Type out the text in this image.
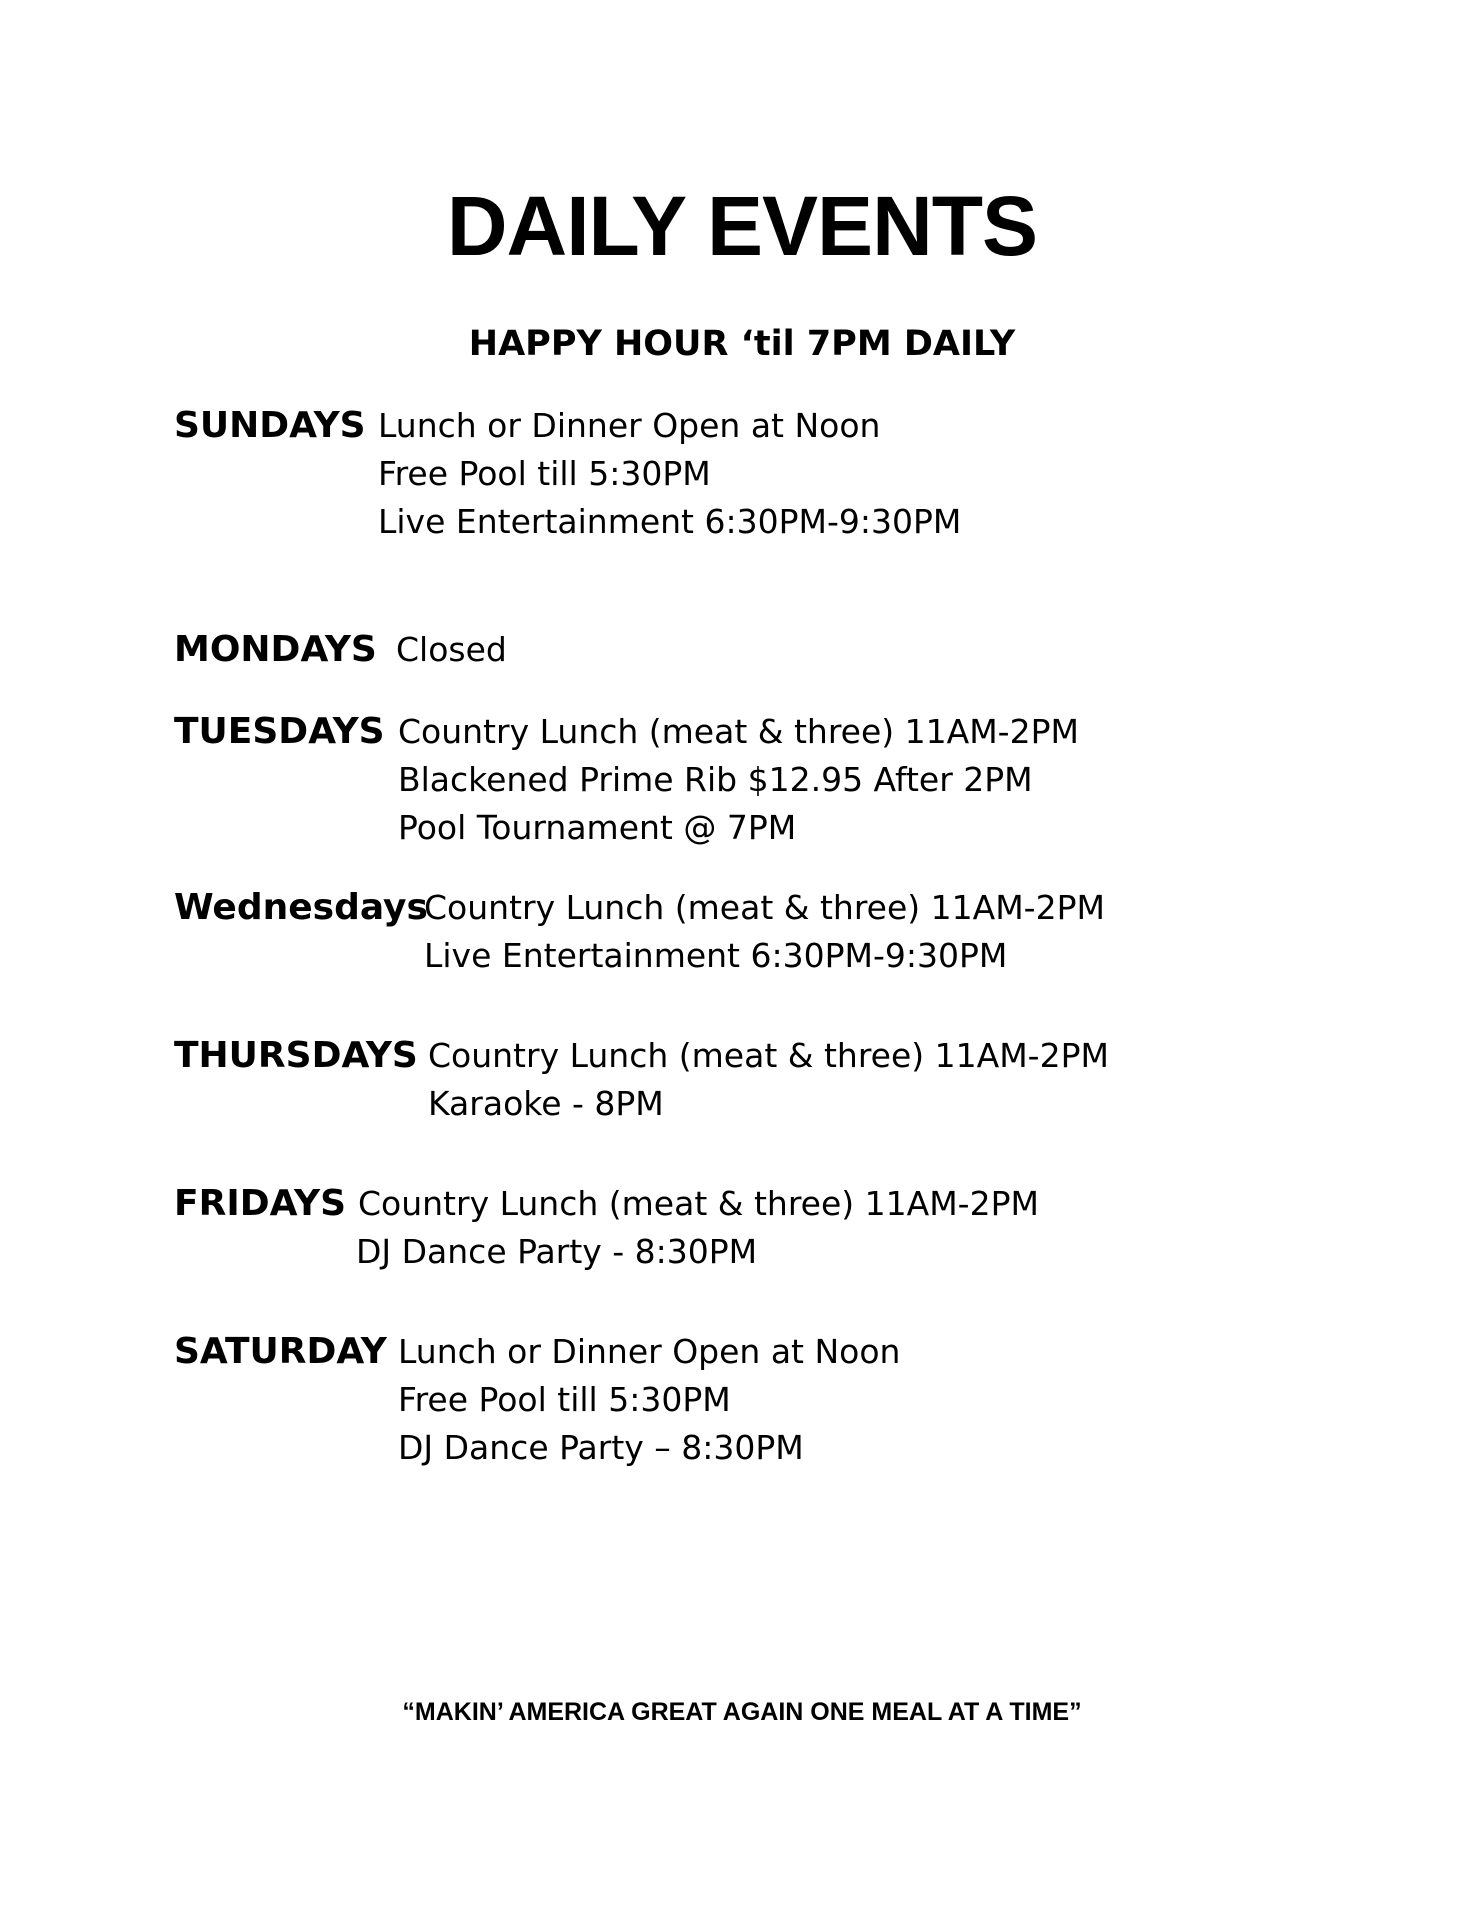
DAILY EVENTS
HAPPY HOUR ‘til 7PM DAILY
SUNDAYS Lunch or Dinner Open at Noon
Free Pool till 5:30PM
Live Entertainment 6:30PM-9:30PM
MONDAYS Closed
TUESDAYS Country Lunch (meat & three) 11AM-2PM
Blackened Prime Rib $12.95 After 2PM
Pool Tournament @ 7PM
Wednesdays
Country Lunch (meat & three) 11AM-2PM
Live Entertainment 6:30PM-9:30PM
THURSDAYS Country Lunch (meat & three) 11AM-2PM
Karaoke - 8PM
FRIDAYS Country Lunch (meat & three) 11AM-2PM
DJ Dance Party - 8:30PM
SATURDAY Lunch or Dinner Open at Noon
Free Pool till 5:30PM
DJ Dance Party – 8:30PM
“MAKIN’ AMERICA GREAT AGAIN ONE MEAL AT A TIME”
